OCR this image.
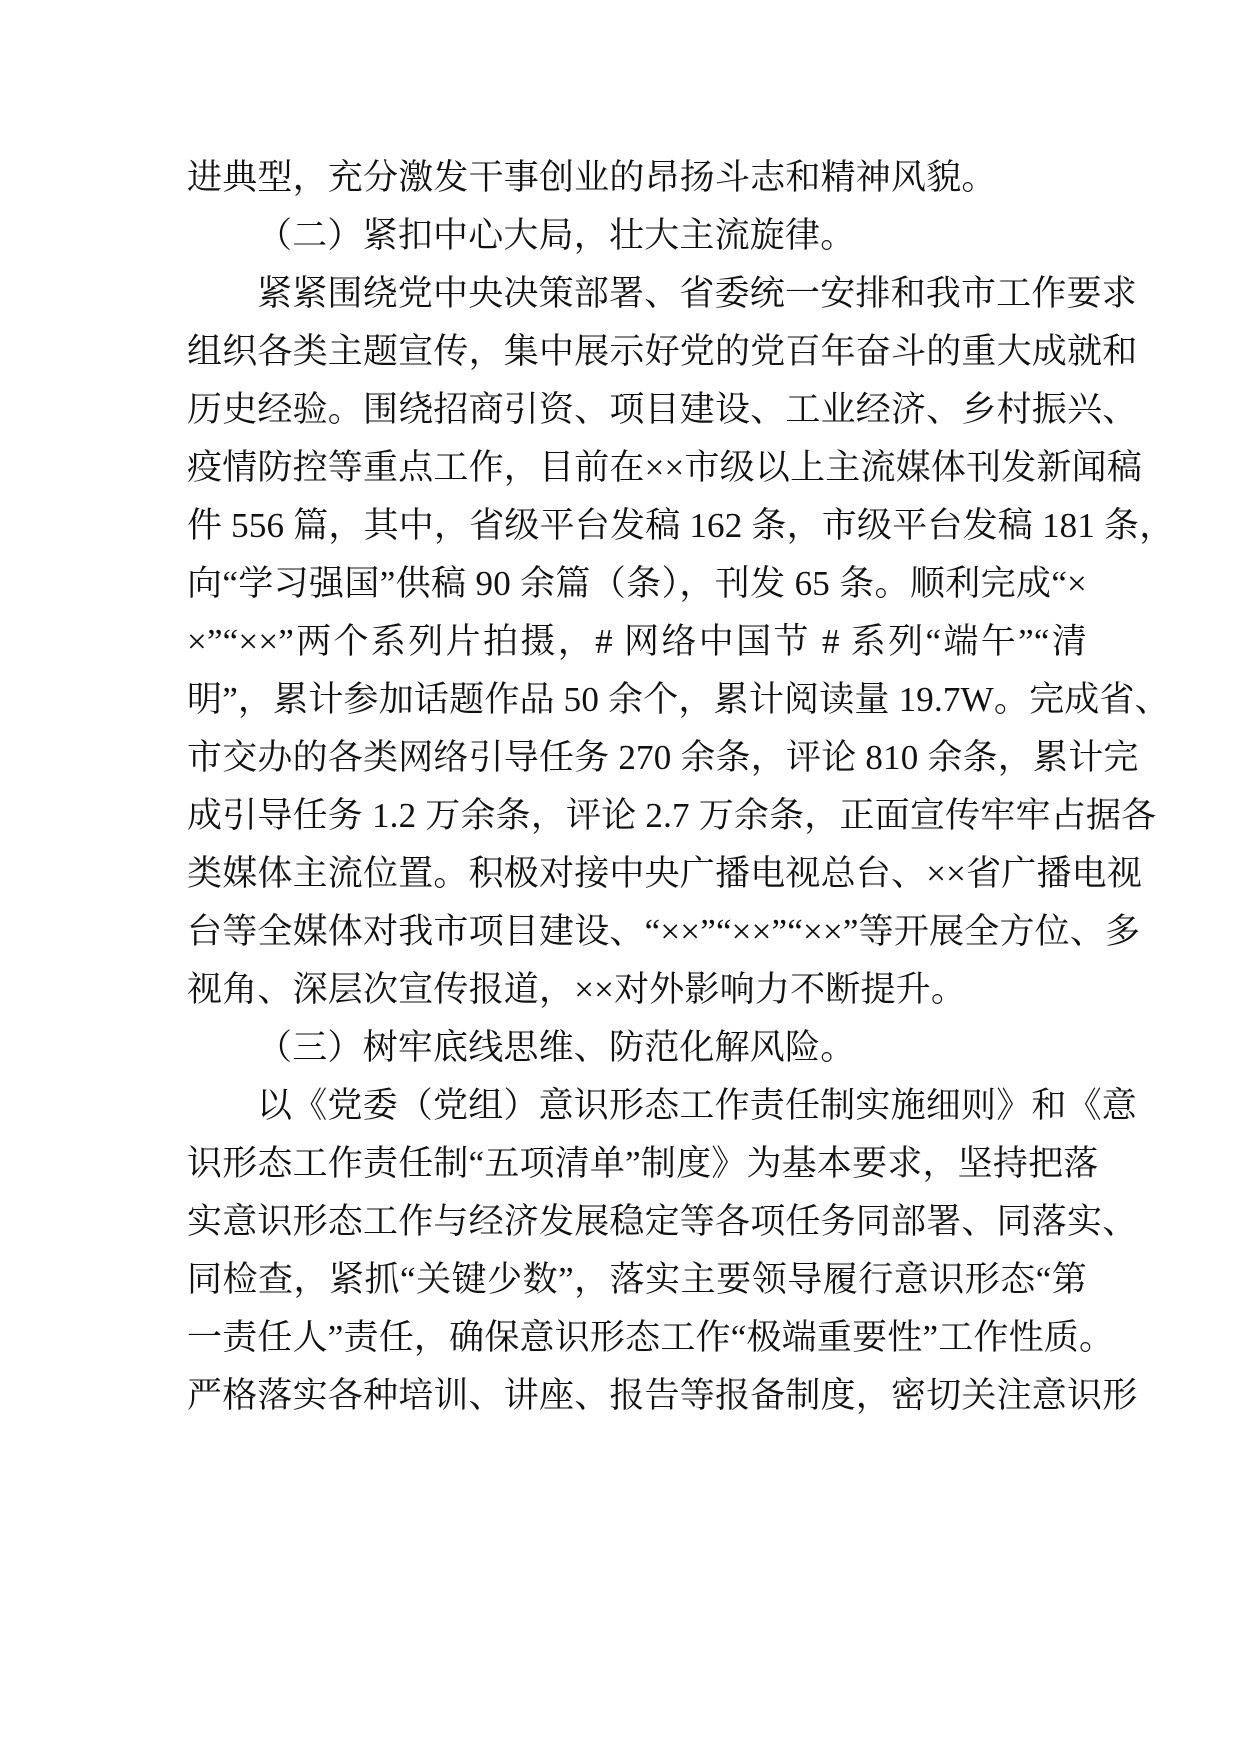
进典型，充分激发干事创业的昂扬斗志和精神风貌。
（二）紧扣中心大局，壮大主流旋律。
紧紧围绕党中央决策部署、省委统一安排和我市工作要求
组织各类主题宣传，集中展示好党的党百年奋斗的重大成就和
历史经验。围绕招商引资、项目建设、工业经济、乡村振兴、
疫情防控等重点工作，目前在××市级以上主流媒体刊发新闻稿
件 556 篇，其中，省级平台发稿 162 条，市级平台发稿 181 条，
向“学习强国”供稿 90 余篇（条），刊发 65 条。顺利完成“×
×”“××”两个系列片拍摄，# 网络中国节 # 系列“端午”“清
明”，累计参加话题作品 50 余个，累计阅读量 19.7W。完成省、
市交办的各类网络引导任务 270 余条，评论 810 余条，累计完
成引导任务 1.2 万余条，评论 2.7 万余条，正面宣传牢牢占据各
类媒体主流位置。积极对接中央广播电视总台、××省广播电视
台等全媒体对我市项目建设、“××”“××”“××”等开展全方位、多
视角、深层次宣传报道，××对外影响力不断提升。
（三）树牢底线思维、防范化解风险。
以《党委（党组）意识形态工作责任制实施细则》和《意
识形态工作责任制“五项清单”制度》为基本要求，坚持把落
实意识形态工作与经济发展稳定等各项任务同部署、同落实、
同检查，紧抓“关键少数”，落实主要领导履行意识形态“第
一责任人”责任，确保意识形态工作“极端重要性”工作性质。
严格落实各种培训、讲座、报告等报备制度，密切关注意识形
